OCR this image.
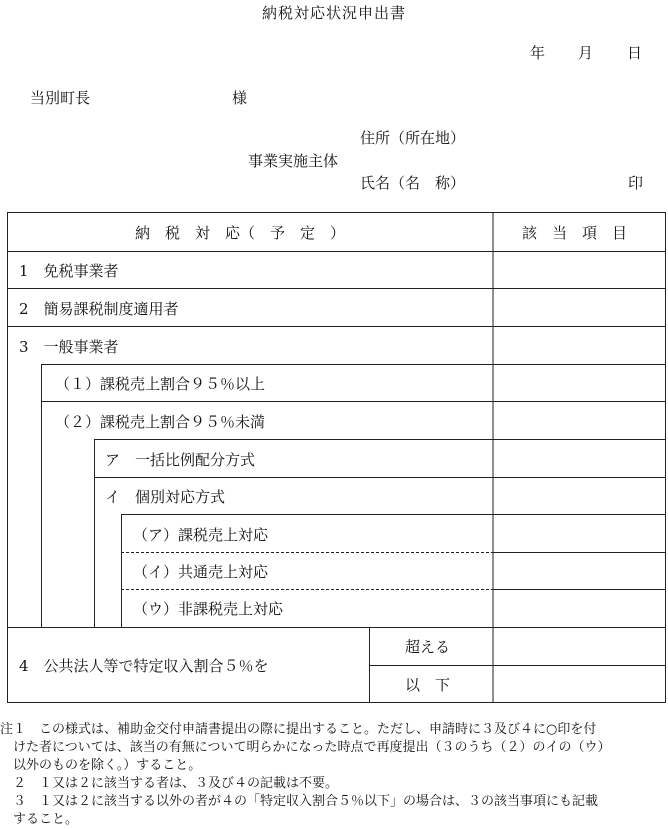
納税対応状況申出書
年 月 日
当別町長	様
住所（所在地）
事業実施主体
氏名（名　称）	印
納　税　対　応（　予　定　）	該　当　項　目
1　免税事業者
2　簡易課税制度適用者
3　一般事業者
（１）課税売上割合９５％以上
（２）課税売上割合９５％未満
ア　一括比例配分方式
イ　個別対応方式
（ア）課税売上対応
（イ）共通売上対応
（ウ）非課税売上対応
4　公共法人等で特定収入割合５％を
超える
以　下
注１　この様式は、補助金交付申請書提出の際に提出すること。ただし、申請時に３及び４に○印を付
けた者については、該当の有無について明らかになった時点で再度提出（３のうち（２）のイの（ウ）
以外のものを除く。）すること。
２　１又は２に該当する者は、３及び４の記載は不要。
３　１又は２に該当する以外の者が４の「特定収入割合５％以下」の場合は、３の該当事項にも記載
すること。
